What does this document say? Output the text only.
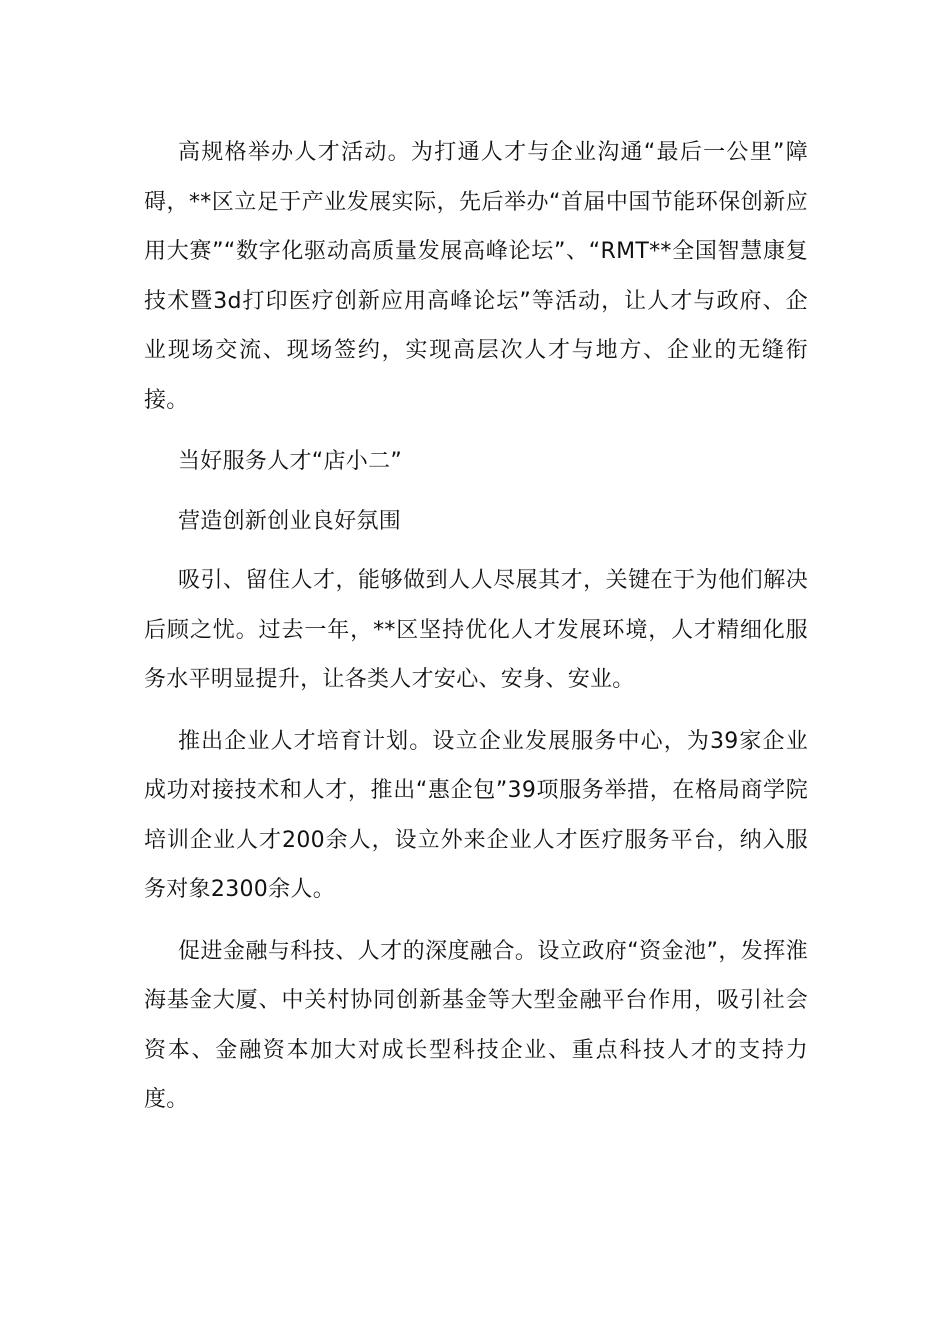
高规格举办人才活动。为打通人才与企业沟通“最后一公里”障碍，**区立足于产业发展实际，先后举办“首届中国节能环保创新应用大赛”“数字化驱动高质量发展高峰论坛”、“RMT**全国智慧康复技术暨3d打印医疗创新应用高峰论坛”等活动，让人才与政府、企业现场交流、现场签约，实现高层次人才与地方、企业的无缝衔接。

当好服务人才“店小二”

营造创新创业良好氛围

吸引、留住人才，能够做到人人尽展其才，关键在于为他们解决后顾之忧。过去一年，**区坚持优化人才发展环境，人才精细化服务水平明显提升，让各类人才安心、安身、安业。

推出企业人才培育计划。设立企业发展服务中心，为39家企业成功对接技术和人才，推出“惠企包”39项服务举措，在格局商学院培训企业人才200余人，设立外来企业人才医疗服务平台，纳入服务对象2300余人。

促进金融与科技、人才的深度融合。设立政府“资金池”，发挥淮海基金大厦、中关村协同创新基金等大型金融平台作用，吸引社会资本、金融资本加大对成长型科技企业、重点科技人才的支持力度。
